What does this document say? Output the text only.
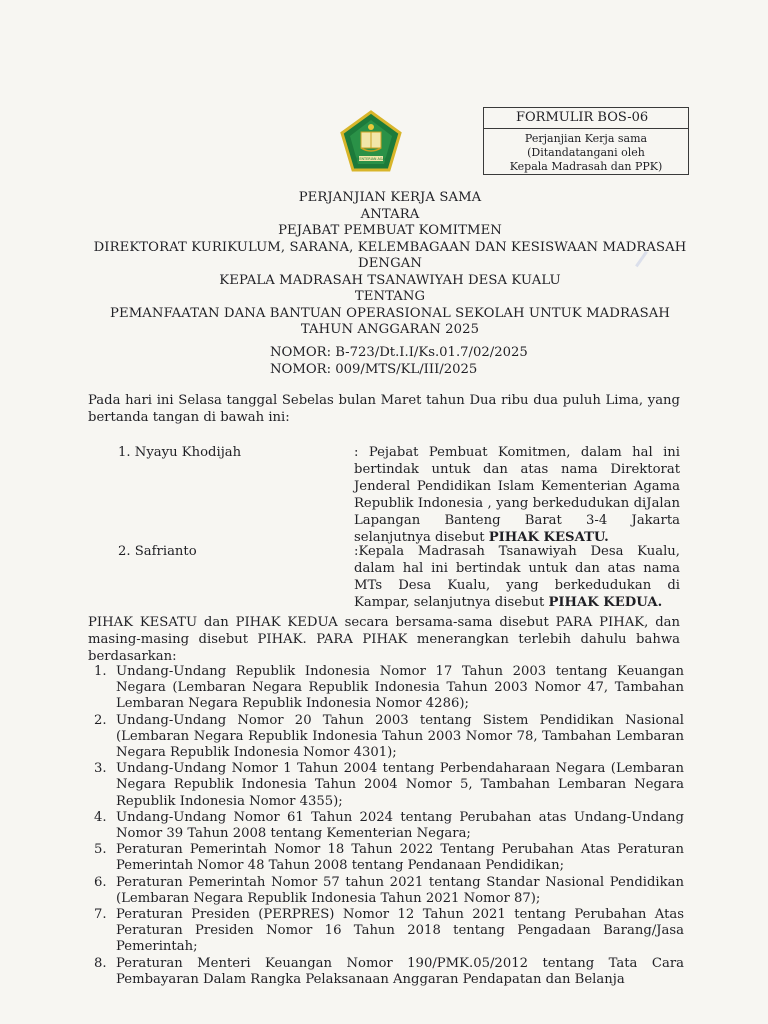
FORMULIR BOS-06
Perjanjian Kerja sama
(Ditandatangani oleh
Kepala Madrasah dan PPK)
KEMENTERIAN AGAMA
PERJANJIAN KERJA SAMA
ANTARA
PEJABAT PEMBUAT KOMITMEN
DIREKTORAT KURIKULUM, SARANA, KELEMBAGAAN DAN KESISWAAN MADRASAH
DENGAN
KEPALA MADRASAH TSANAWIYAH DESA KUALU
TENTANG
PEMANFAATAN DANA BANTUAN OPERASIONAL SEKOLAH UNTUK MADRASAH
TAHUN ANGGARAN 2025
NOMOR: B-723/Dt.I.I/Ks.01.7/02/2025
NOMOR: 009/MTS/KL/III/2025
Pada hari ini Selasa tanggal Sebelas bulan Maret tahun Dua ribu dua puluh Lima, yang bertanda tangan di bawah ini:
1. Nyayu Khodijah	: Pejabat Pembuat Komitmen, dalam hal ini bertindak untuk dan atas nama Direktorat Jenderal Pendidikan Islam Kementerian Agama Republik Indonesia , yang berkedudukan diJalan Lapangan Banteng Barat 3-4 Jakarta selanjutnya disebut PIHAK KESATU.
2. Safrianto	:Kepala Madrasah Tsanawiyah Desa Kualu, dalam hal ini bertindak untuk dan atas nama MTs Desa Kualu, yang berkedudukan di Kampar, selanjutnya disebut PIHAK KEDUA.
PIHAK KESATU dan PIHAK KEDUA secara bersama-sama disebut PARA PIHAK, dan masing-masing disebut PIHAK. PARA PIHAK menerangkan terlebih dahulu bahwa berdasarkan:
1. Undang-Undang Republik Indonesia Nomor 17 Tahun 2003 tentang Keuangan Negara (Lembaran Negara Republik Indonesia Tahun 2003 Nomor 47, Tambahan Lembaran Negara Republik Indonesia Nomor 4286);
2. Undang-Undang Nomor 20 Tahun 2003 tentang Sistem Pendidikan Nasional (Lembaran Negara Republik Indonesia Tahun 2003 Nomor 78, Tambahan Lembaran Negara Republik Indonesia Nomor 4301);
3. Undang-Undang Nomor 1 Tahun 2004 tentang Perbendaharaan Negara (Lembaran Negara Republik Indonesia Tahun 2004 Nomor 5, Tambahan Lembaran Negara Republik Indonesia Nomor 4355);
4. Undang-Undang Nomor 61 Tahun 2024 tentang Perubahan atas Undang-Undang Nomor 39 Tahun 2008 tentang Kementerian Negara;
5. Peraturan Pemerintah Nomor 18 Tahun 2022 Tentang Perubahan Atas Peraturan Pemerintah Nomor 48 Tahun 2008 tentang Pendanaan Pendidikan;
6. Peraturan Pemerintah Nomor 57 tahun 2021 tentang Standar Nasional Pendidikan (Lembaran Negara Republik Indonesia Tahun 2021 Nomor 87);
7. Peraturan Presiden (PERPRES) Nomor 12 Tahun 2021 tentang Perubahan Atas Peraturan Presiden Nomor 16 Tahun 2018 tentang Pengadaan Barang/Jasa Pemerintah;
8. Peraturan Menteri Keuangan Nomor 190/PMK.05/2012 tentang Tata Cara Pembayaran Dalam Rangka Pelaksanaan Anggaran Pendapatan dan Belanja
